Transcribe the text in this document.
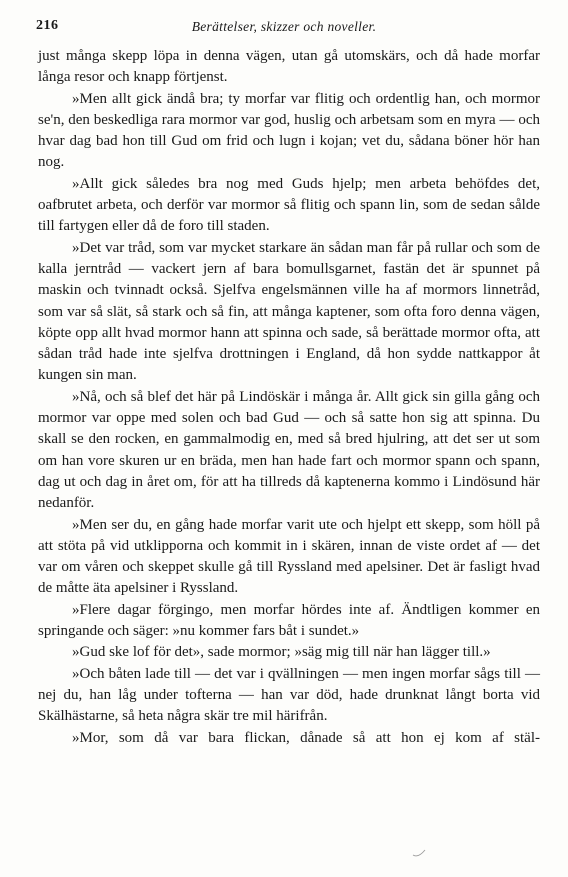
216	Berättelser, skizzer och noveller.

just många skepp löpa in denna vägen, utan gå utomskärs, och då hade morfar långa resor och knapp förtjenst.

»Men allt gick ändå bra; ty morfar var flitig och ordentlig han, och mormor se'n, den beskedliga rara mormor var god, huslig och arbetsam som en myra — och hvar dag bad hon till Gud om frid och lugn i kojan; vet du, sådana böner hör han nog.

»Allt gick således bra nog med Guds hjelp; men arbeta behöfdes det, oafbrutet arbeta, och derför var mormor så flitig och spann lin, som de sedan sålde till fartygen eller då de foro till staden.

»Det var tråd, som var mycket starkare än sådan man får på rullar och som de kalla jerntråd — vackert jern af bara bomullsgarnet, fastän det är spunnet på maskin och tvinnadt också. Sjelfva engelsmännen ville ha af mormors linnetråd, som var så slät, så stark och så fin, att många kaptener, som ofta foro denna vägen, köpte opp allt hvad mormor hann att spinna och sade, så berättade mormor ofta, att sådan tråd hade inte sjelfva drottningen i England, då hon sydde nattkappor åt kungen sin man.

»Nå, och så blef det här på Lindöskär i många år. Allt gick sin gilla gång och mormor var oppe med solen och bad Gud — och så satte hon sig att spinna. Du skall se den rocken, en gammalmodig en, med så bred hjulring, att det ser ut som om han vore skuren ur en bräda, men han hade fart och mormor spann och spann, dag ut och dag in året om, för att ha tillreds då kaptenerna kommo i Lindösund här nedanför.

»Men ser du, en gång hade morfar varit ute och hjelpt ett skepp, som höll på att stöta på vid utklipporna och kommit in i skären, innan de viste ordet af — det var om våren och skeppet skulle gå till Ryssland med apelsiner. Det är fasligt hvad de måtte äta apelsiner i Ryssland.

»Flere dagar förgingo, men morfar hördes inte af. Ändtligen kommer en springande och säger: »nu kommer fars båt i sundet.»

»Gud ske lof för det», sade mormor; »säg mig till när han lägger till.»

»Och båten lade till — det var i qvällningen — men ingen morfar sågs till — nej du, han låg under tofterna — han var död, hade drunknat långt borta vid Skälhästarne, så heta några skär tre mil härifrån.

»Mor, som då var bara flickan, dånade så att hon ej kom af stäl-
